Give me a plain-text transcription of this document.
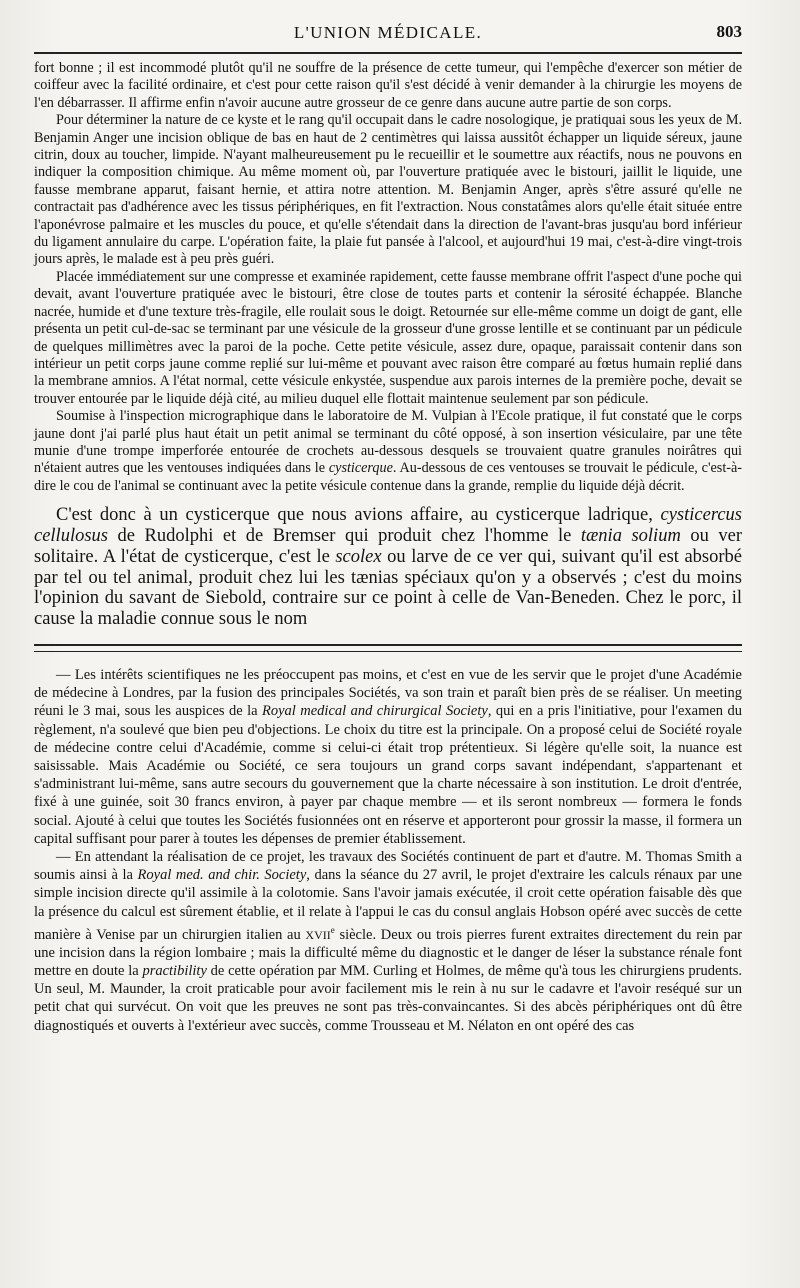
L'UNION MÉDICALE.	803

fort bonne ; il est incommodé plutôt qu'il ne souffre de la présence de cette tumeur, qui l'empêche d'exercer son métier de coiffeur avec la facilité ordinaire, et c'est pour cette raison qu'il s'est décidé à venir demander à la chirurgie les moyens de l'en débarrasser. Il affirme enfin n'avoir aucune autre grosseur de ce genre dans aucune autre partie de son corps.

Pour déterminer la nature de ce kyste et le rang qu'il occupait dans le cadre nosologique, je pratiquai sous les yeux de M. Benjamin Anger une incision oblique de bas en haut de 2 centimètres qui laissa aussitôt échapper un liquide séreux, jaune citrin, doux au toucher, limpide. N'ayant malheureusement pu le recueillir et le soumettre aux réactifs, nous ne pouvons en indiquer la composition chimique. Au même moment où, par l'ouverture pratiquée avec le bistouri, jaillit le liquide, une fausse membrane apparut, faisant hernie, et attira notre attention. M. Benjamin Anger, après s'être assuré qu'elle ne contractait pas d'adhérence avec les tissus périphériques, en fit l'extraction. Nous constatâmes alors qu'elle était située entre l'aponévrose palmaire et les muscles du pouce, et qu'elle s'étendait dans la direction de l'avant-bras jusqu'au bord inférieur du ligament annulaire du carpe. L'opération faite, la plaie fut pansée à l'alcool, et aujourd'hui 19 mai, c'est-à-dire vingt-trois jours après, le malade est à peu près guéri.

Placée immédiatement sur une compresse et examinée rapidement, cette fausse membrane offrit l'aspect d'une poche qui devait, avant l'ouverture pratiquée avec le bistouri, être close de toutes parts et contenir la sérosité échappée. Blanche nacrée, humide et d'une texture très-fragile, elle roulait sous le doigt. Retournée sur elle-même comme un doigt de gant, elle présenta un petit cul-de-sac se terminant par une vésicule de la grosseur d'une grosse lentille et se continuant par un pédicule de quelques millimètres avec la paroi de la poche. Cette petite vésicule, assez dure, opaque, paraissait contenir dans son intérieur un petit corps jaune comme replié sur lui-même et pouvant avec raison être comparé au fœtus humain replié dans la membrane amnios. A l'état normal, cette vésicule enkystée, suspendue aux parois internes de la première poche, devait se trouver entourée par le liquide déjà cité, au milieu duquel elle flottait maintenue seulement par son pédicule.

Soumise à l'inspection micrographique dans le laboratoire de M. Vulpian à l'Ecole pratique, il fut constaté que le corps jaune dont j'ai parlé plus haut était un petit animal se terminant du côté opposé, à son insertion vésiculaire, par une tête munie d'une trompe imperforée entourée de crochets au-dessous desquels se trouvaient quatre granules noirâtres qui n'étaient autres que les ventouses indiquées dans le cysticerque. Au-dessous de ces ventouses se trouvait le pédicule, c'est-à-dire le cou de l'animal se continuant avec la petite vésicule contenue dans la grande, remplie du liquide déjà décrit.

C'est donc à un cysticerque que nous avions affaire, au cysticerque ladrique, cysticercus cellulosus de Rudolphi et de Bremser qui produit chez l'homme le tænia solium ou ver solitaire. A l'état de cysticerque, c'est le scolex ou larve de ce ver qui, suivant qu'il est absorbé par tel ou tel animal, produit chez lui les tænias spéciaux qu'on y a observés ; c'est du moins l'opinion du savant de Siebold, contraire sur ce point à celle de Van-Beneden. Chez le porc, il cause la maladie connue sous le nom

— Les intérêts scientifiques ne les préoccupent pas moins, et c'est en vue de les servir que le projet d'une Académie de médecine à Londres, par la fusion des principales Sociétés, va son train et paraît bien près de se réaliser. Un meeting réuni le 3 mai, sous les auspices de la Royal medical and chirurgical Society, qui en a pris l'initiative, pour l'examen du règlement, n'a soulevé que bien peu d'objections. Le choix du titre est la principale. On a proposé celui de Société royale de médecine contre celui d'Académie, comme si celui-ci était trop prétentieux. Si légère qu'elle soit, la nuance est saisissable. Mais Académie ou Société, ce sera toujours un grand corps savant indépendant, s'appartenant et s'administrant lui-même, sans autre secours du gouvernement que la charte nécessaire à son institution. Le droit d'entrée, fixé à une guinée, soit 30 francs environ, à payer par chaque membre — et ils seront nombreux — formera le fonds social. Ajouté à celui que toutes les Sociétés fusionnées ont en réserve et apporteront pour grossir la masse, il formera un capital suffisant pour parer à toutes les dépenses de premier établissement.

— En attendant la réalisation de ce projet, les travaux des Sociétés continuent de part et d'autre. M. Thomas Smith a soumis ainsi à la Royal med. and chir. Society, dans la séance du 27 avril, le projet d'extraire les calculs rénaux par une simple incision directe qu'il assimile à la colotomie. Sans l'avoir jamais exécutée, il croit cette opération faisable dès que la présence du calcul est sûrement établie, et il relate à l'appui le cas du consul anglais Hobson opéré avec succès de cette manière à Venise par un chirurgien italien au XVIIe siècle. Deux ou trois pierres furent extraites directement du rein par une incision dans la région lombaire ; mais la difficulté même du diagnostic et le danger de léser la substance rénale font mettre en doute la practibility de cette opération par MM. Curling et Holmes, de même qu'à tous les chirurgiens prudents. Un seul, M. Maunder, la croit praticable pour avoir facilement mis le rein à nu sur le cadavre et l'avoir reséqué sur un petit chat qui survécut. On voit que les preuves ne sont pas très-convaincantes. Si des abcès périphériques ont dû être diagnostiqués et ouverts à l'extérieur avec succès, comme Trousseau et M. Nélaton en ont opéré des cas
